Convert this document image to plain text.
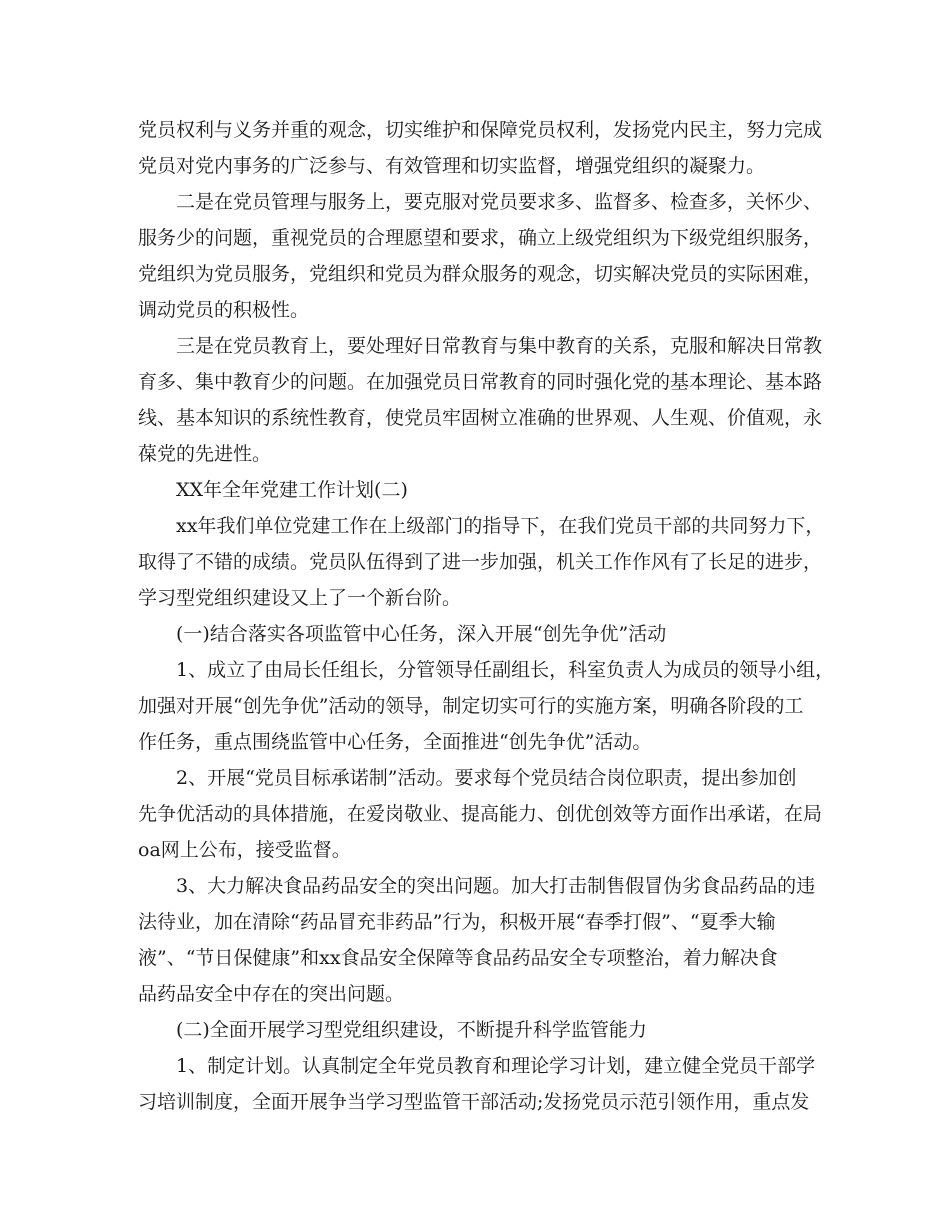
党员权利与义务并重的观念，切实维护和保障党员权利，发扬党内民主，努力完成

党员对党内事务的广泛参与、有效管理和切实监督，增强党组织的凝聚力。

二是在党员管理与服务上，要克服对党员要求多、监督多、检查多，关怀少、

服务少的问题，重视党员的合理愿望和要求，确立上级党组织为下级党组织服务，

党组织为党员服务，党组织和党员为群众服务的观念，切实解决党员的实际困难，

调动党员的积极性。

三是在党员教育上，要处理好日常教育与集中教育的关系，克服和解决日常教

育多、集中教育少的问题。在加强党员日常教育的同时强化党的基本理论、基本路

线、基本知识的系统性教育，使党员牢固树立准确的世界观、人生观、价值观，永

葆党的先进性。

XX年全年党建工作计划(二)

xx年我们单位党建工作在上级部门的指导下，在我们党员干部的共同努力下，

取得了不错的成绩。党员队伍得到了进一步加强，机关工作作风有了长足的进步，

学习型党组织建设又上了一个新台阶。

(一)结合落实各项监管中心任务，深入开展“创先争优”活动

1、成立了由局长任组长，分管领导任副组长，科室负责人为成员的领导小组，

加强对开展“创先争优”活动的领导，制定切实可行的实施方案，明确各阶段的工

作任务，重点围绕监管中心任务，全面推进“创先争优”活动。

2、开展“党员目标承诺制”活动。要求每个党员结合岗位职责，提出参加创

先争优活动的具体措施，在爱岗敬业、提高能力、创优创效等方面作出承诺，在局

oa网上公布，接受监督。

3、大力解决食品药品安全的突出问题。加大打击制售假冒伪劣食品药品的违

法待业，加在清除“药品冒充非药品”行为，积极开展“春季打假”、“夏季大输

液”、“节日保健康”和xx食品安全保障等食品药品安全专项整治，着力解决食

品药品安全中存在的突出问题。

(二)全面开展学习型党组织建设，不断提升科学监管能力

1、制定计划。认真制定全年党员教育和理论学习计划，建立健全党员干部学

习培训制度，全面开展争当学习型监管干部活动;发扬党员示范引领作用，重点发
